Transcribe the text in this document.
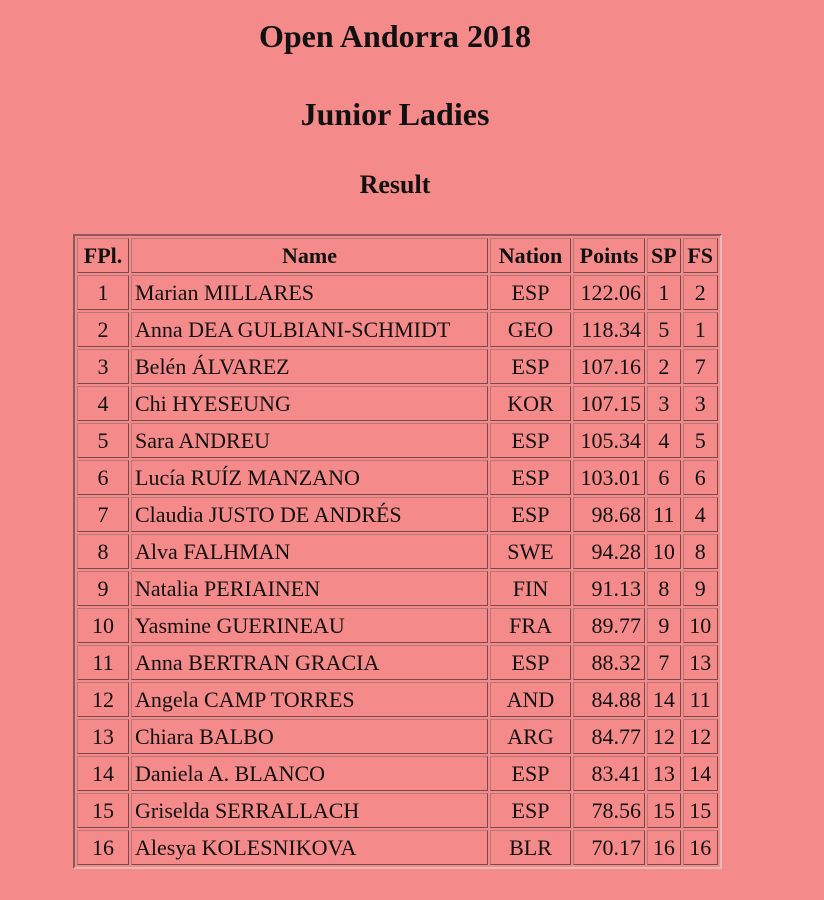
Open Andorra 2018
Junior Ladies
Result
FPl.	Name	Nation	Points	SP	FS
1	Marian MILLARES	ESP	122.06	1	2
2	Anna DEA GULBIANI-SCHMIDT	GEO	118.34	5	1
3	Belén ÁLVAREZ	ESP	107.16	2	7
4	Chi HYESEUNG	KOR	107.15	3	3
5	Sara ANDREU	ESP	105.34	4	5
6	Lucía RUÍZ MANZANO	ESP	103.01	6	6
7	Claudia JUSTO DE ANDRÉS	ESP	98.68	11	4
8	Alva FALHMAN	SWE	94.28	10	8
9	Natalia PERIAINEN	FIN	91.13	8	9
10	Yasmine GUERINEAU	FRA	89.77	9	10
11	Anna BERTRAN GRACIA	ESP	88.32	7	13
12	Angela CAMP TORRES	AND	84.88	14	11
13	Chiara BALBO	ARG	84.77	12	12
14	Daniela A. BLANCO	ESP	83.41	13	14
15	Griselda SERRALLACH	ESP	78.56	15	15
16	Alesya KOLESNIKOVA	BLR	70.17	16	16
